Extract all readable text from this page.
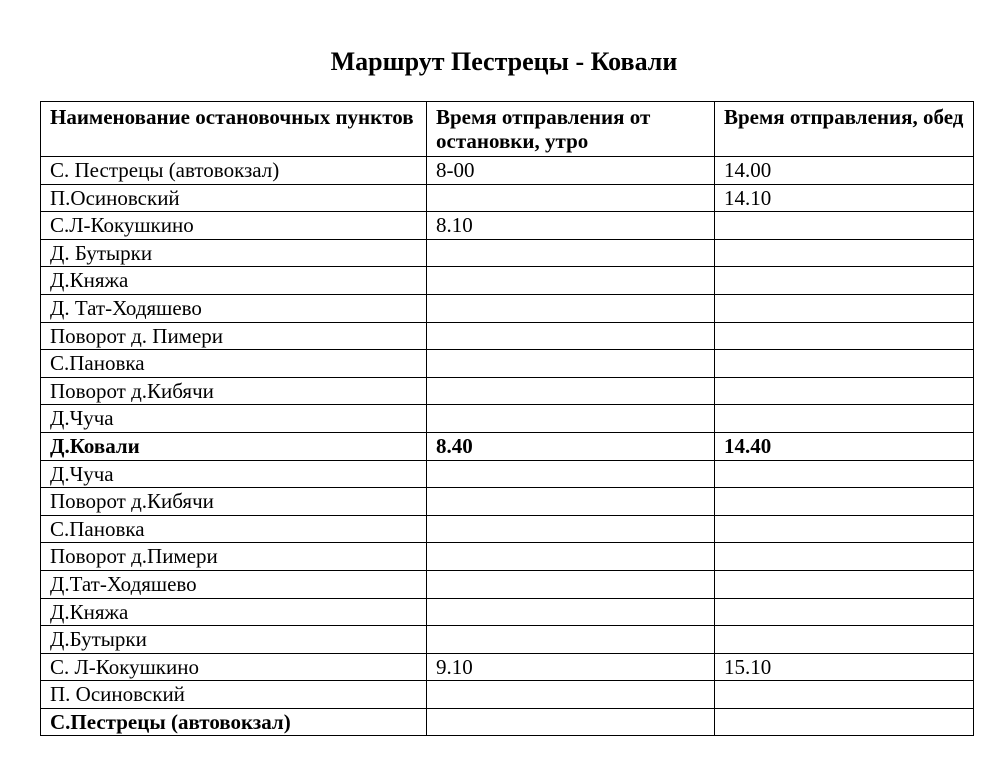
Маршрут Пестрецы - Ковали
Наименование остановочных пунктов	Время отправления от остановки, утро	Время отправления, обед
С. Пестрецы (автовокзал)	8-00	14.00
П.Осиновский		14.10
С.Л-Кокушкино	8.10	
Д. Бутырки		
Д.Княжа		
Д. Тат-Ходяшево		
Поворот д. Пимери		
С.Пановка		
Поворот д.Кибячи		
Д.Чуча		
Д.Ковали	8.40	14.40
Д.Чуча		
Поворот д.Кибячи		
С.Пановка		
Поворот д.Пимери		
Д.Тат-Ходяшево		
Д.Княжа		
Д.Бутырки		
С. Л-Кокушкино	9.10	15.10
П. Осиновский		
С.Пестрецы (автовокзал)		
